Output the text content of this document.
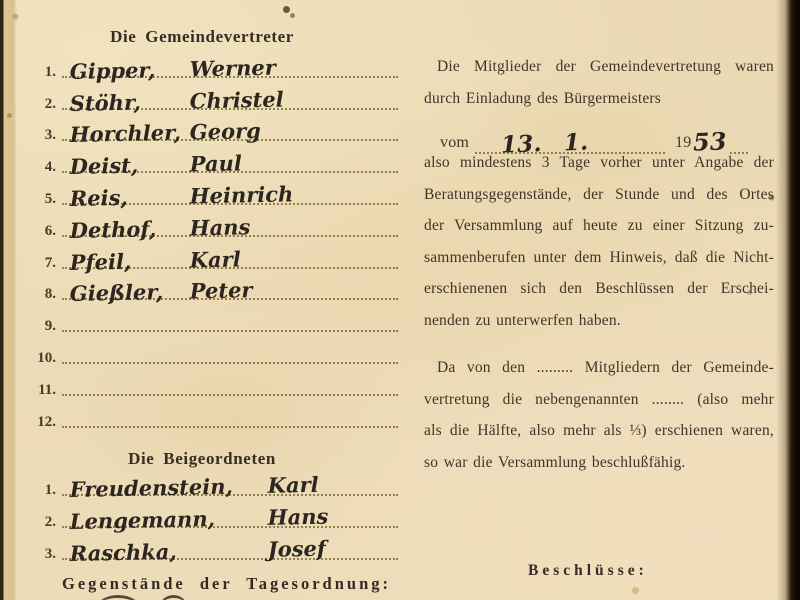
Die Gemeindevertreter
1. Gipper,	Werner
2. Stöhr,	Christel
3. Horchler, Georg
4. Deist,	Paul
5. Reis,	Heinrich
6. Dethof,	Hans
7. Pfeil,	Karl
8. Gießler,	Peter
9.
10.
11.
12.
Die Beigeordneten
1. Freudenstein,	Karl
2. Lengemann,	Hans
3. Raschka,	Josef
Gegenstände der Tagesordnung:
Die Mitglieder der Gemeindevertretung waren
durch Einladung des Bürgermeisters
vom 13. 1.	19 53
also mindestens 3 Tage vorher unter Angabe der
Beratungsgegenstände, der Stunde und des Ortes
der Versammlung auf heute zu einer Sitzung zu-
sammenberufen unter dem Hinweis, daß die Nicht-
erschienenen sich den Beschlüssen der Erschei-
nenden zu unterwerfen haben.
Da von den ......... Mitgliedern der Gemeinde-
vertretung die nebengenannten ........ (also mehr
als die Hälfte, also mehr als ⅓) erschienen waren,
so war die Versammlung beschlußfähig.
Beschlüsse:
